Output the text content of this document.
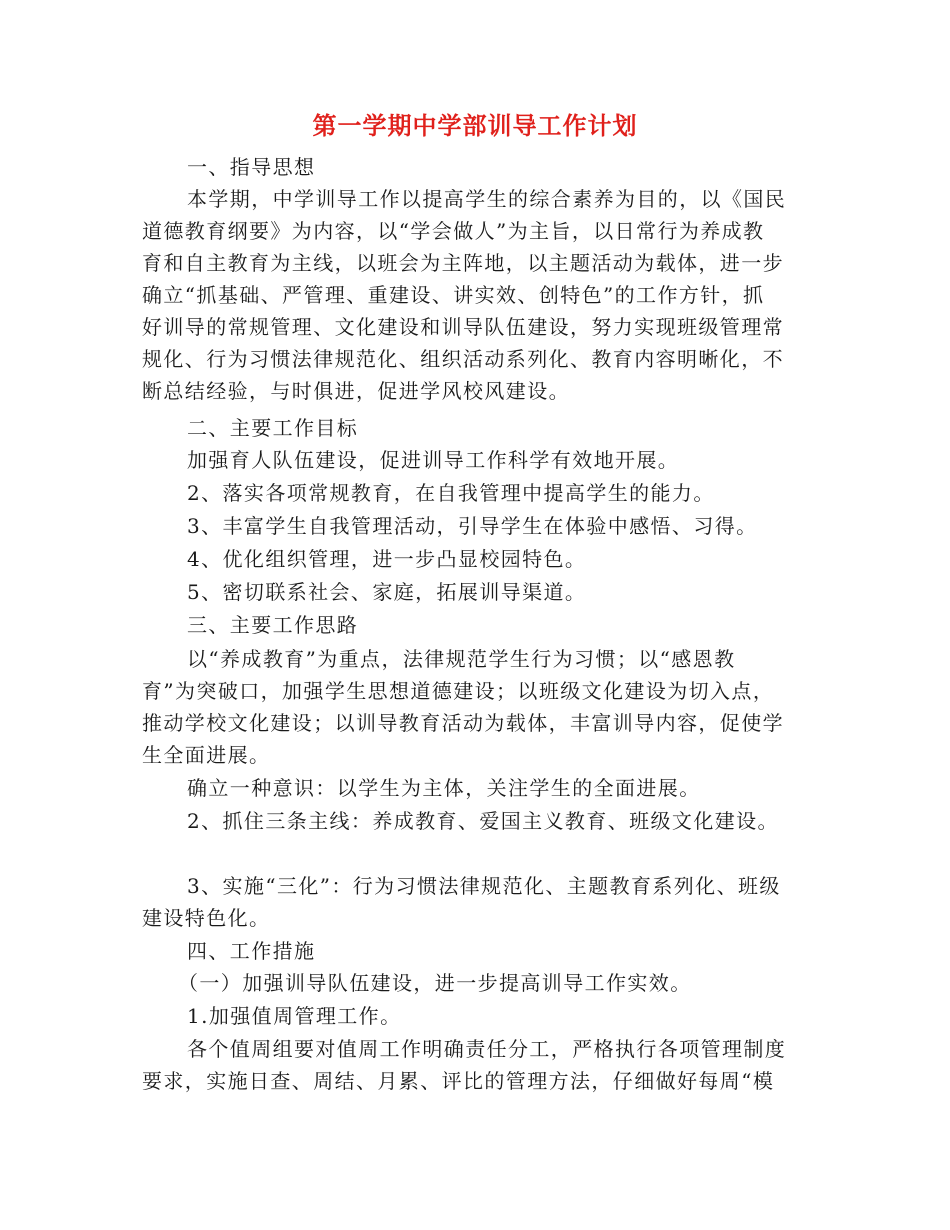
第一学期中学部训导工作计划

一、指导思想

本学期，中学训导工作以提高学生的综合素养为目的，以《国民

道德教育纲要》为内容，以“学会做人”为主旨，以日常行为养成教

育和自主教育为主线，以班会为主阵地，以主题活动为载体，进一步

确立“抓基础、严管理、重建设、讲实效、创特色”的工作方针，抓

好训导的常规管理、文化建设和训导队伍建设，努力实现班级管理常

规化、行为习惯法律规范化、组织活动系列化、教育内容明晰化，不

断总结经验，与时俱进，促进学风校风建设。

二、主要工作目标

加强育人队伍建设，促进训导工作科学有效地开展。

2、落实各项常规教育，在自我管理中提高学生的能力。

3、丰富学生自我管理活动，引导学生在体验中感悟、习得。

4、优化组织管理，进一步凸显校园特色。

5、密切联系社会、家庭，拓展训导渠道。

三、主要工作思路

以“养成教育”为重点，法律规范学生行为习惯；以“感恩教

育”为突破口，加强学生思想道德建设；以班级文化建设为切入点，

推动学校文化建设；以训导教育活动为载体，丰富训导内容，促使学

生全面进展。

确立一种意识：以学生为主体，关注学生的全面进展。

2、抓住三条主线：养成教育、爱国主义教育、班级文化建设。

3、实施“三化”：行为习惯法律规范化、主题教育系列化、班级

建设特色化。

四、工作措施

（一）加强训导队伍建设，进一步提高训导工作实效。

1.加强值周管理工作。

各个值周组要对值周工作明确责任分工，严格执行各项管理制度

要求，实施日查、周结、月累、评比的管理方法，仔细做好每周“模
